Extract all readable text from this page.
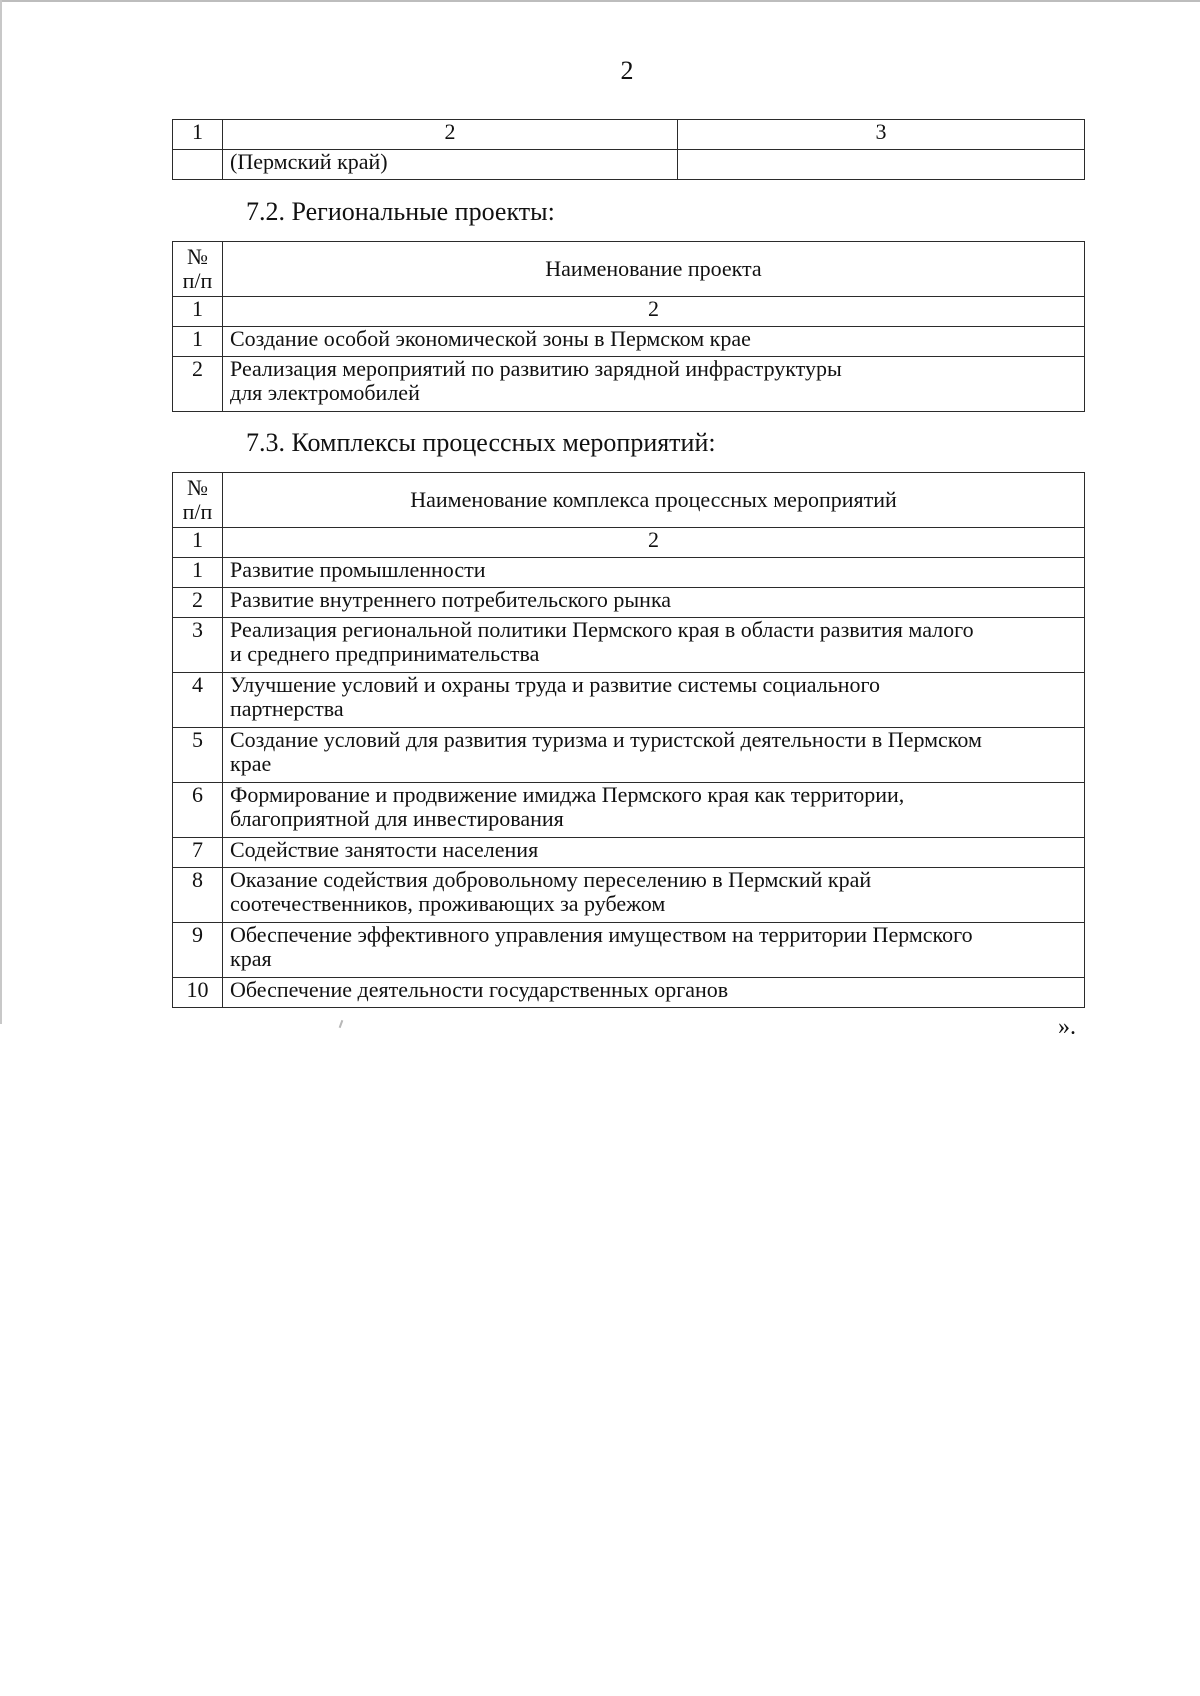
2
1	2	3
	(Пермский край)	
7.2. Региональные проекты:
№
п/п	Наименование проекта
1	2
1	Создание особой экономической зоны в Пермском крае
2	Реализация мероприятий по развитию зарядной инфраструктуры
для электромобилей
7.3. Комплексы процессных мероприятий:
№
п/п	Наименование комплекса процессных мероприятий
1	2
1	Развитие промышленности
2	Развитие внутреннего потребительского рынка
3	Реализация региональной политики Пермского края в области развития малого
и среднего предпринимательства

4	Улучшение условий и охраны труда и развитие системы социального
партнерства

5	Создание условий для развития туризма и туристской деятельности в Пермском
крае

6	Формирование и продвижение имиджа Пермского края как территории,
благоприятной для инвестирования

7	Содействие занятости населения
8	Оказание содействия добровольному переселению в Пермский край
соотечественников, проживающих за рубежом

9	Обеспечение эффективного управления имуществом на территории Пермского
края

10	Обеспечение деятельности государственных органов
».
